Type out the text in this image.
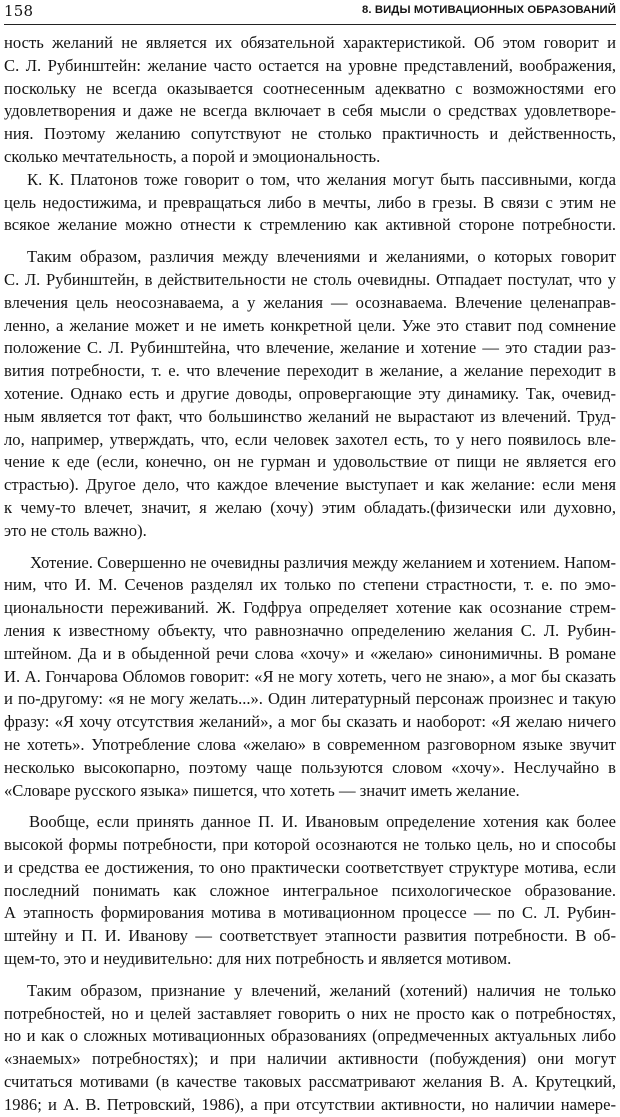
158	8. ВИДЫ МОТИВАЦИОННЫХ ОБРАЗОВАНИЙ

ность желаний не является их обязательной характеристикой. Об этом говорит и
С. Л. Рубинштейн: желание часто остается на уровне представлений, воображения,
поскольку не всегда оказывается соотнесенным адекватно с возможностями его
удовлетворения и даже не всегда включает в себя мысли о средствах удовлетворе-
ния. Поэтому желанию сопутствуют не столько практичность и действенность,

сколько мечтательность, а порой и эмоциональность.

К. К. Платонов тоже говорит о том, что желания могут быть пассивными, когда

цель недостижима, и превращаться либо в мечты, либо в грезы. В связи с этим не
всякое желание можно отнести к стремлению как активной стороне потребности.

Таким образом, различия между влечениями и желаниями, о которых говорит

С. Л. Рубинштейн, в действительности не столь очевидны. Отпадает постулат, что у
влечения цель неосознаваема, а у желания — осознаваема. Влечение целенаправ-
ленно, а желание может и не иметь конкретной цели. Уже это ставит под сомнение
положение С. Л. Рубинштейна, что влечение, желание и хотение — это стадии раз-
вития потребности, т. е. что влечение переходит в желание, а желание переходит в
хотение. Однако есть и другие доводы, опровергающие эту динамику. Так, очевид-
ным является тот факт, что большинство желаний не вырастают из влечений. Труд-
ло, например, утверждать, что, если человек захотел есть, то у него появилось вле-
чение к еде (если, конечно, он не гурман и удовольствие от пищи не является его
страстью). Другое дело, что каждое влечение выступает и как желание: если меня
к чему-то влечет, значит, я желаю (хочу) этим обладать.(физически или духовно,

это не столь важно).

Хотение. Совершенно не очевидны различия между желанием и хотением. Напом-

ним, что И. М. Сеченов разделял их только по степени страстности, т. е. по эмо-
циональности переживаний. Ж. Годфруа определяет хотение как осознание стрем-
ления к известному объекту, что равнозначно определению желания С. Л. Рубин-
штейном. Да и в обыденной речи слова «хочу» и «желаю» синонимичны. В романе
И. А. Гончарова Обломов говорит: «Я не могу хотеть, чего не знаю», а мог бы сказать
и по-другому: «я не могу желать...». Один литературный персонаж произнес и такую
фразу: «Я хочу отсутствия желаний», а мог бы сказать и наоборот: «Я желаю ничего
не хотеть». Употребление слова «желаю» в современном разговорном языке звучит
несколько высокопарно, поэтому чаще пользуются словом «хочу». Неслучайно в

«Словаре русского языка» пишется, что хотеть — значит иметь желание.

Вообще, если принять данное П. И. Ивановым определение хотения как более

высокой формы потребности, при которой осознаются не только цель, но и способы
и средства ее достижения, то оно практически соответствует структуре мотива, если
последний понимать как сложное интегральное психологическое образование.
А этапность формирования мотива в мотивационном процессе — по С. Л. Рубин-
штейну и П. И. Иванову — соответствует этапности развития потребности. В об-

щем-то, это и неудивительно: для них потребность и является мотивом.

Таким образом, признание у влечений, желаний (хотений) наличия не только

потребностей, но и целей заставляет говорить о них не просто как о потребностях,
но и как о сложных мотивационных образованиях (опредмеченных актуальных либо
«знаемых» потребностях); и при наличии активности (побуждения) они могут
считаться мотивами (в качестве таковых рассматривают желания В. А. Крутецкий,
1986; и А. В. Петровский, 1986), а при отсутствии активности, но наличии намере-
